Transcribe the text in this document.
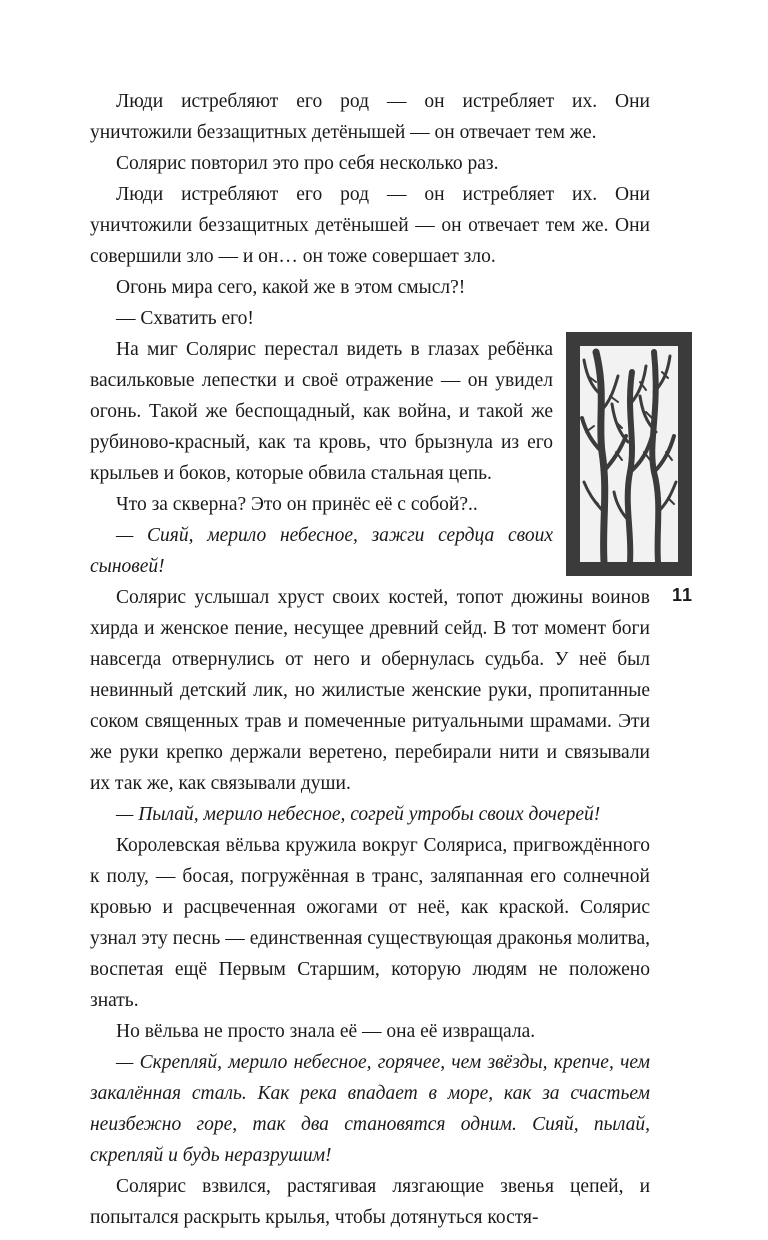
Люди истребляют его род — он истребляет их. Они уничтожили беззащитных детёнышей — он отвечает тем же.

Солярис повторил это про себя несколько раз.

Люди истребляют его род — он истребляет их. Они уничтожили беззащитных детёнышей — он отвечает тем же. Они совершили зло — и он… он тоже совершает зло.

Огонь мира сего, какой же в этом смысл?!

— Схватить его!

На миг Солярис перестал видеть в глазах ребёнка васильковые лепестки и своё отражение — он увидел огонь. Такой же беспощадный, как война, и такой же рубиново-красный, как та кровь, что брызнула из его крыльев и боков, которые обвила стальная цепь.

Что за скверна? Это он принёс её с собой?..

— Сияй, мерило небесное, зажги сердца своих сыновей!

Солярис услышал хруст своих костей, топот дюжины воинов хирда и женское пение, несущее древний сейд. В тот момент боги навсегда отвернулись от него и обернулась судьба. У неё был невинный детский лик, но жилистые женские руки, пропитанные соком священных трав и помеченные ритуальными шрамами. Эти же руки крепко держали веретено, перебирали нити и связывали их так же, как связывали души.

— Пылай, мерило небесное, согрей утробы своих дочерей!

Королевская вёльва кружила вокруг Соляриса, пригвождённого к полу, — босая, погружённая в транс, заляпанная его солнечной кровью и расцвеченная ожогами от неё, как краской. Солярис узнал эту песнь — единственная существующая драконья молитва, воспетая ещё Первым Старшим, которую людям не положено знать.

Но вёльва не просто знала её — она её извращала.

— Скрепляй, мерило небесное, горячее, чем звёзды, крепче, чем закалённая сталь. Как река впадает в море, как за счастьем неизбежно горе, так два становятся одним. Сияй, пылай, скрепляй и будь неразрушим!

Солярис взвился, растягивая лязгающие звенья цепей, и попытался раскрыть крылья, чтобы дотянуться костя-

11
